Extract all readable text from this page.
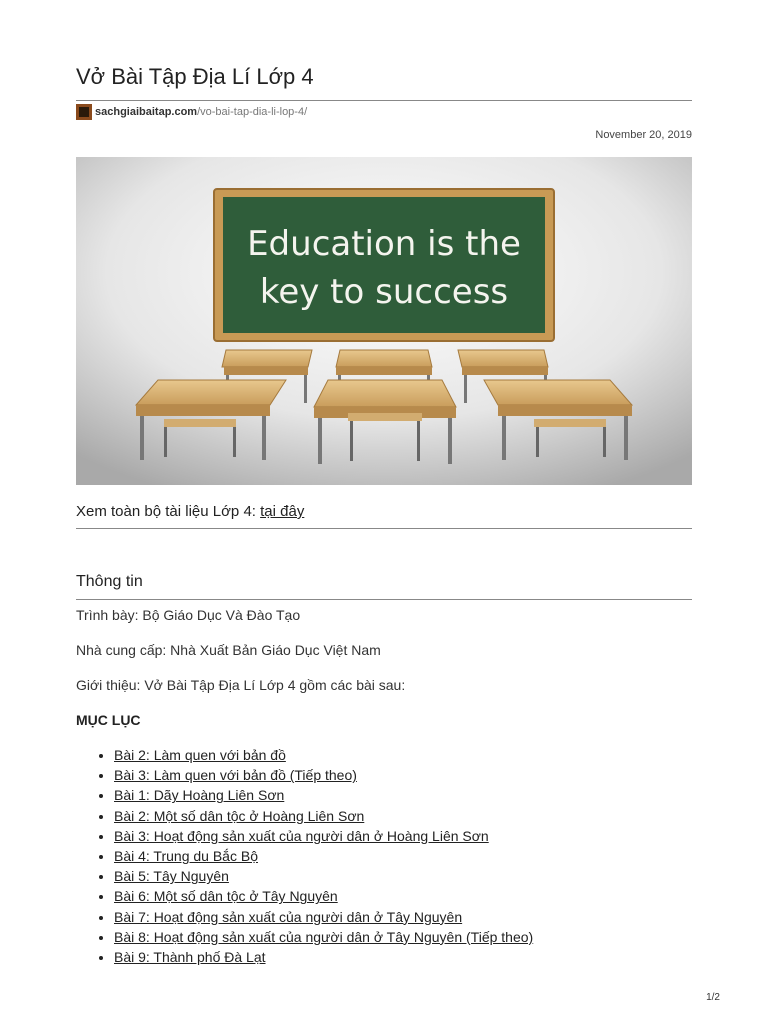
Vở Bài Tập Địa Lí Lớp 4
sachgiaibaitap.com /vo-bai-tap-dia-li-lop-4/
November 20, 2019
Education is the
key to success
Xem toàn bộ tài liệu Lớp 4: tại đây
Thông tin

Trình bày: Bộ Giáo Dục Và Đào Tạo

Nhà cung cấp: Nhà Xuất Bản Giáo Dục Việt Nam

Giới thiệu: Vở Bài Tập Địa Lí Lớp 4 gồm các bài sau:

MỤC LỤC
• Bài 2: Làm quen với bản đồ
• Bài 3: Làm quen với bản đồ (Tiếp theo)
• Bài 1: Dãy Hoàng Liên Sơn
• Bài 2: Một số dân tộc ở Hoàng Liên Sơn
• Bài 3: Hoạt động sản xuất của người dân ở Hoàng Liên Sơn
• Bài 4: Trung du Bắc Bộ
• Bài 5: Tây Nguyên
• Bài 6: Một số dân tộc ở Tây Nguyên
• Bài 7: Hoạt động sản xuất của người dân ở Tây Nguyên
• Bài 8: Hoạt động sản xuất của người dân ở Tây Nguyên (Tiếp theo)
• Bài 9: Thành phố Đà Lạt
1/2
